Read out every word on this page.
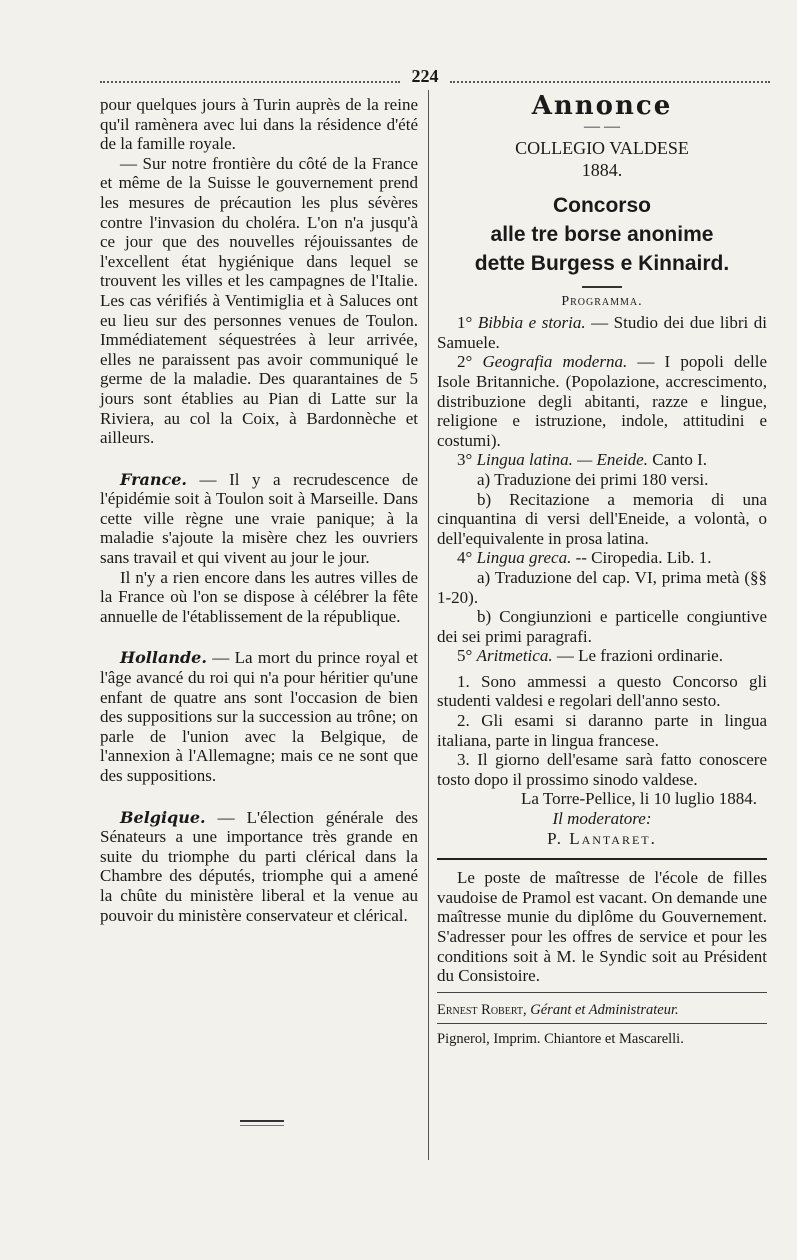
224

pour quelques jours à Turin auprès de la reine qu'il ramènera avec lui dans la résidence d'été de la famille royale.

— Sur notre frontière du côté de la France et même de la Suisse le gouvernement prend les mesures de précaution les plus sévères contre l'invasion du choléra. L'on n'a jusqu'à ce jour que des nouvelles réjouissantes de l'excellent état hygiénique dans lequel se trouvent les villes et les campagnes de l'Italie. Les cas vérifiés à Ventimiglia et à Saluces ont eu lieu sur des personnes venues de Toulon. Immédiatement séquestrées à leur arrivée, elles ne paraissent pas avoir communiqué le germe de la maladie. Des quarantaines de 5 jours sont établies au Pian di Latte sur la Riviera, au col la Coix, à Bardonnèche et ailleurs.

France. — Il y a recrudescence de l'épidémie soit à Toulon soit à Marseille. Dans cette ville règne une vraie panique; à la maladie s'ajoute la misère chez les ouvriers sans travail et qui vivent au jour le jour.

Il n'y a rien encore dans les autres villes de la France où l'on se dispose à célébrer la fête annuelle de l'établissement de la république.

Hollande. — La mort du prince royal et l'âge avancé du roi qui n'a pour héritier qu'une enfant de quatre ans sont l'occasion de bien des suppositions sur la succession au trône; on parle de l'union avec la Belgique, de l'annexion à l'Allemagne; mais ce ne sont que des suppositions.

Belgique. — L'élection générale des Sénateurs a une importance très grande en suite du triomphe du parti clérical dans la Chambre des députés, triomphe qui a amené la chûte du ministère liberal et la venue au pouvoir du ministère conservateur et clérical.

Annonce
— —
COLLEGIO VALDESE
1884.
Concorso
alle tre borse anonime
dette Burgess e Kinnaird.
Programma.

1° Bibbia e storia. — Studio dei due libri di Samuele.

2° Geografia moderna. — I popoli delle Isole Britanniche. (Popolazione, accrescimento, distribuzione degli abitanti, razze e lingue, religione e istruzione, indole, attitudini e costumi).

3° Lingua latina. — Eneide. Canto I.

a) Traduzione dei primi 180 versi.

b) Recitazione a memoria di una cinquantina di versi dell'Eneide, a volontà, o dell'equivalente in prosa latina.

4° Lingua greca. -- Ciropedia. Lib. 1.

a) Traduzione del cap. VI, prima metà (§§ 1-20).

b) Congiunzioni e particelle congiuntive dei sei primi paragrafi.

5° Aritmetica. — Le frazioni ordinarie.

1. Sono ammessi a questo Concorso gli studenti valdesi e regolari dell'anno sesto.

2. Gli esami si daranno parte in lingua italiana, parte in lingua francese.

3. Il giorno dell'esame sarà fatto conoscere tosto dopo il prossimo sinodo valdese.

La Torre-Pellice, li 10 luglio 1884.

Il moderatore:

P. Lantaret.

Le poste de maîtresse de l'école de filles vaudoise de Pramol est vacant. On demande une maîtresse munie du diplôme du Gouvernement. S'adresser pour les offres de service et pour les conditions soit à M. le Syndic soit au Président du Consistoire.

Ernest Robert, Gérant et Administrateur.

Pignerol, Imprim. Chiantore et Mascarelli.
